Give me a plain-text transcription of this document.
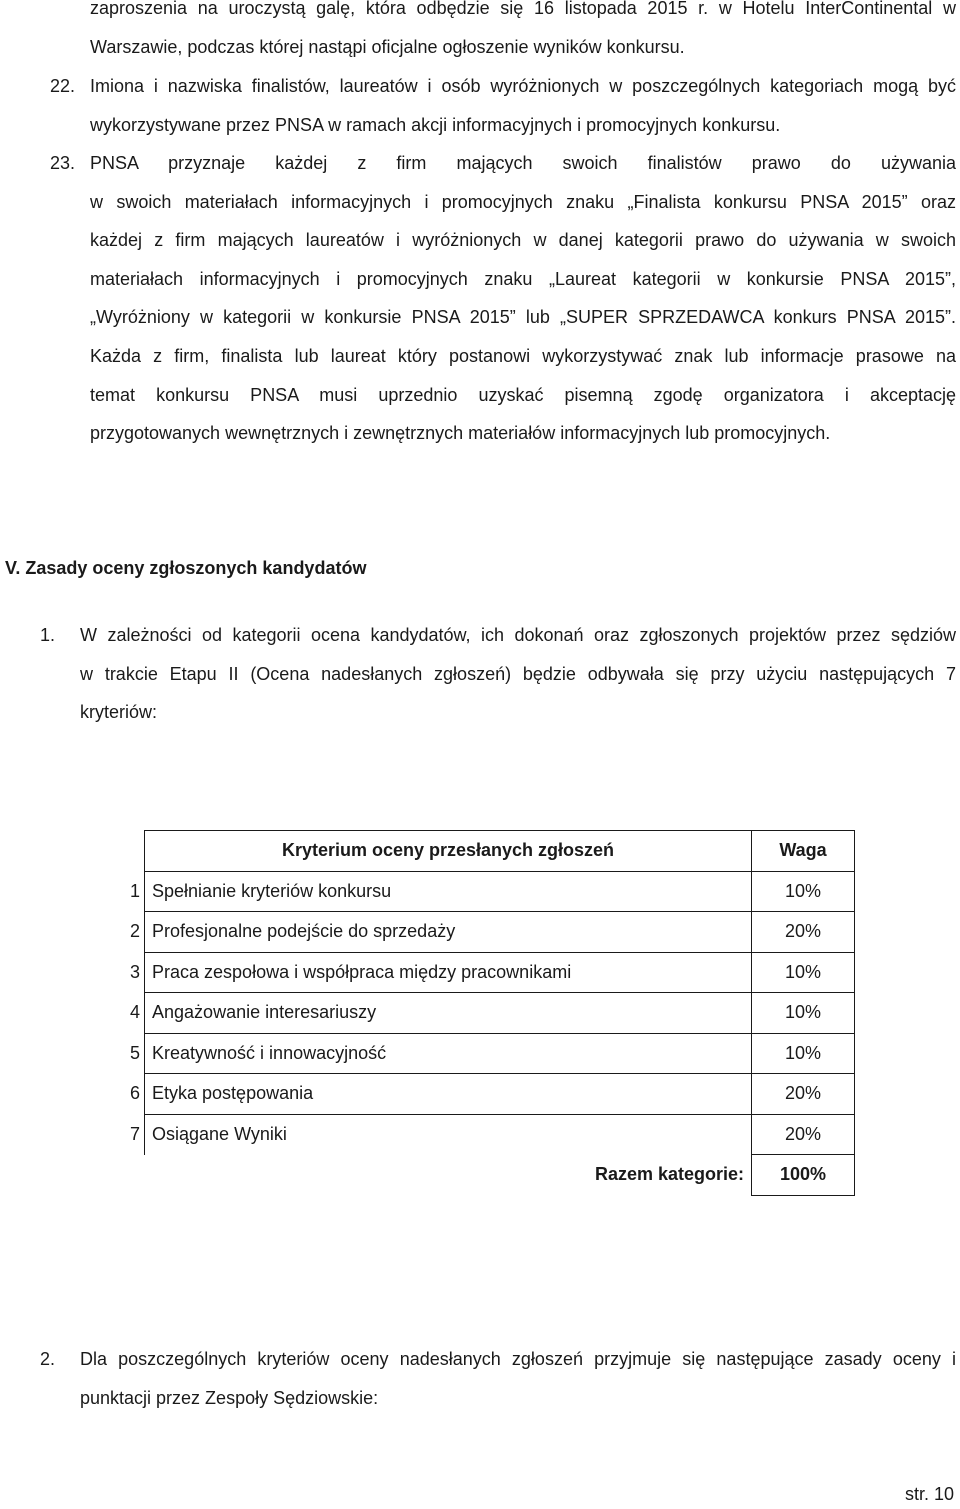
zaproszenia na uroczystą galę, która odbędzie się 16 listopada 2015 r. w Hotelu InterContinental w
Warszawie, podczas której nastąpi oficjalne ogłoszenie wyników konkursu.
22. Imiona i nazwiska finalistów, laureatów i osób wyróżnionych w poszczególnych kategoriach mogą być
wykorzystywane przez PNSA w ramach akcji informacyjnych i promocyjnych konkursu.
23. PNSA przyznaje każdej z firm mających swoich finalistów prawo do używania
w swoich materiałach informacyjnych i promocyjnych znaku „Finalista konkursu PNSA 2015” oraz
każdej z firm mających laureatów i wyróżnionych w danej kategorii prawo do używania w swoich
materiałach informacyjnych i promocyjnych znaku „Laureat kategorii w konkursie PNSA 2015”,
„Wyróżniony w kategorii w konkursie PNSA 2015” lub „SUPER SPRZEDAWCA konkurs PNSA 2015”.
Każda z firm, finalista lub laureat który postanowi wykorzystywać znak lub informacje prasowe na
temat konkursu PNSA musi uprzednio uzyskać pisemną zgodę organizatora i akceptację
przygotowanych wewnętrznych i zewnętrznych materiałów informacyjnych lub promocyjnych.
V. Zasady oceny zgłoszonych kandydatów
1. W zależności od kategorii ocena kandydatów, ich dokonań oraz zgłoszonych projektów przez sędziów
w trakcie Etapu II (Ocena nadesłanych zgłoszeń) będzie odbywała się przy użyciu następujących 7
kryteriów:
	Kryterium oceny przesłanych zgłoszeń	Waga
1	Spełnianie kryteriów konkursu	10%
2	Profesjonalne podejście do sprzedaży	20%
3	Praca zespołowa i współpraca między pracownikami	10%
4	Angażowanie interesariuszy	10%
5	Kreatywność i innowacyjność	10%
6	Etyka postępowania	20%
7	Osiągane Wyniki	20%
	Razem kategorie:	100%
2. Dla poszczególnych kryteriów oceny nadesłanych zgłoszeń przyjmuje się następujące zasady oceny i
punktacji przez Zespoły Sędziowskie:
str. 10
